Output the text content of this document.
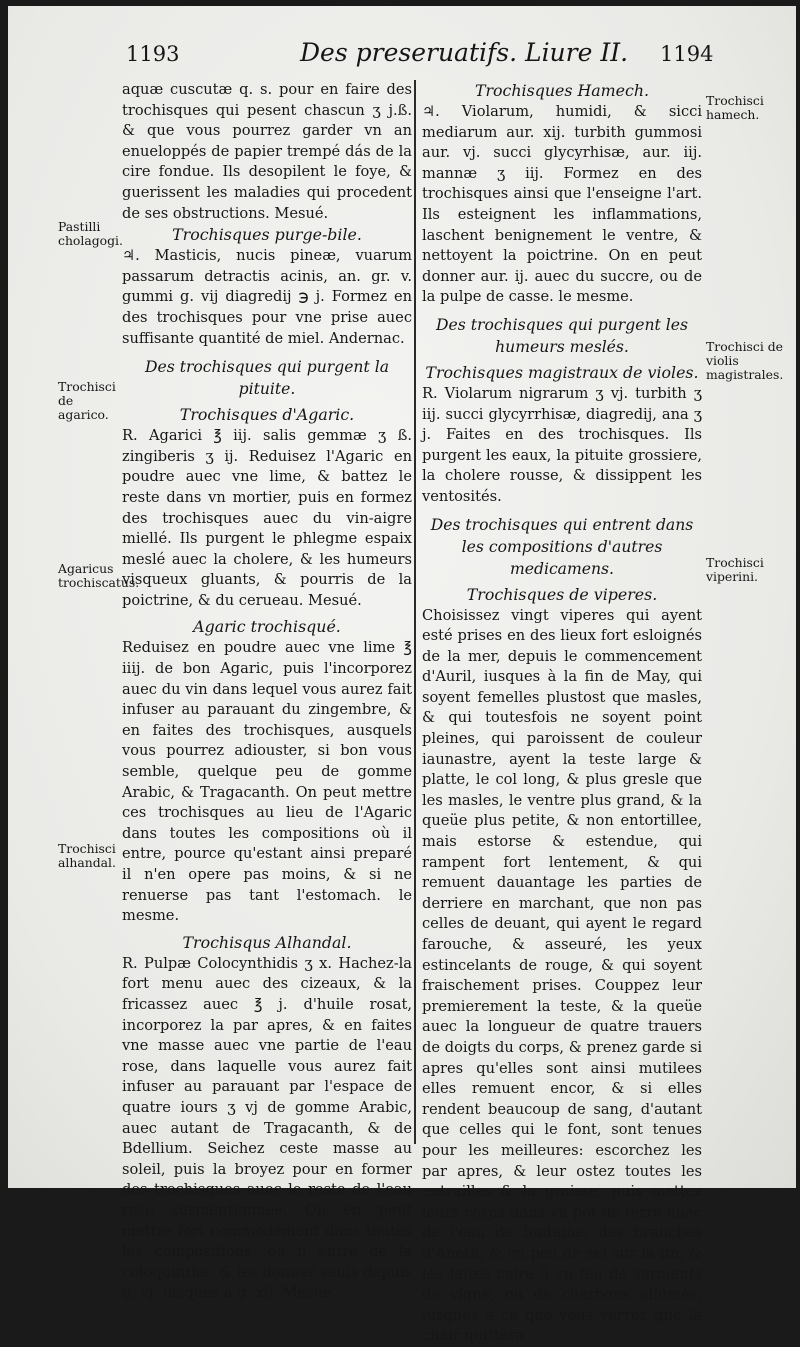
1193	Des preseruatifs. Liure II. 1194

aquæ cuscutæ q. s. pour en faire des trochisques qui pesent chascun ʒ j.ß. & que vous pourrez garder vn an enueloppés de papier trempé dás de la cire fondue. Ils desopilent le foye, & guerissent les maladies qui procedent de ses obstructions. Mesué.

Trochisques purge-bile.

♃. Masticis, nucis pineæ, vuarum passarum detractis acinis, an. gr. v. gummi g. vij diagredij ℈ j. Formez en des trochisques pour vne prise auec suffisante quantité de miel. Andernac.

Des trochisques qui purgent la pituite.

Trochisques d'Agaric.

R. Agarici ℥ iij. salis gemmæ ʒ ß. zingiberis ʒ ij. Reduisez l'Agaric en poudre auec vne lime, & battez le reste dans vn mortier, puis en formez des trochisques auec du vin-aigre miellé. Ils purgent le phlegme espaix meslé auec la cholere, & les humeurs visqueux gluants, & pourris de la poictrine, & du cerueau. Mesué.

Agaric trochisqué.

Reduisez en poudre auec vne lime ℥ iiij. de bon Agaric, puis l'incorporez auec du vin dans lequel vous aurez fait infuser au parauant du zingembre, & en faites des trochisques, ausquels vous pourrez adiouster, si bon vous semble, quelque peu de gomme Arabic, & Tragacanth. On peut mettre ces trochisques au lieu de l'Agaric dans toutes les compositions où il entre, pource qu'estant ainsi preparé il n'en opere pas moins, & si ne renuerse pas tant l'estomach. le mesme.

Trochisqus Alhandal.

R. Pulpæ Colocynthidis ʒ x. Hachez-la fort menu auec des cizeaux, & la fricassez auec ℥ j. d'huile rosat, incorporez la par apres, & en faites vne masse auec vne partie de l'eau rose, dans laquelle vous aurez fait infuser au parauant par l'espace de quatre iours ʒ vj de gomme Arabic, auec autant de Tragacanth, & de Bdellium. Seichez ceste masse au soleil, puis la broyez pour en former des trochisques auec le reste de l'eau rose susmentionnee. On en peut mettre fort commodement dans toutes les compositions, où il entre de la coloquinthe, & les donner seuls depuis g. vj. iusques à g. xij. Mesué.

Pastilli cholagogi.
Trochisci de agarico.
Agaricus trochiscatus.
Trochisci alhandal.

Trochisques Hamech.

♃. Violarum, humidi, & sicci mediarum aur. xij. turbith gummosi aur. vj. succi glycyrhisæ, aur. iij. mannæ ʒ iij. Formez en des trochisques ainsi que l'enseigne l'art. Ils esteignent les inflammations, laschent benignement le ventre, & nettoyent la poictrine. On en peut donner aur. ij. auec du succre, ou de la pulpe de casse. le mesme.

Des trochisques qui purgent les humeurs meslés.

Trochisques magistraux de violes.

R. Violarum nigrarum ʒ vj. turbith ʒ iij. succi glycyrrhisæ, diagredij, ana ʒ j. Faites en des trochisques. Ils purgent les eaux, la pituite grossiere, la cholere rousse, & dissippent les ventosités.

Des trochisques qui entrent dans les compositions d'autres medicamens.

Trochisques de viperes.

Choisissez vingt viperes qui ayent esté prises en des lieux fort esloignés de la mer, depuis le commencement d'Auril, iusques à la fin de May, qui soyent femelles plustost que masles, & qui toutesfois ne soyent point pleines, qui paroissent de couleur iaunastre, ayent la teste large & platte, le col long, & plus gresle que les masles, le ventre plus grand, & la queüe plus petite, & non entortillee, mais estorse & estendue, qui rampent fort lentement, & qui remuent dauantage les parties de derriere en marchant, que non pas celles de deuant, qui ayent le regard farouche, & asseuré, les yeux estincelants de rouge, & qui soyent fraischement prises. Couppez leur premierement la teste, & la queüe auec la longueur de quatre trauers de doigts du corps, & prenez garde si apres qu'elles sont ainsi mutilees elles remuent encor, & si elles rendent beaucoup de sang, d'autant que celles qui le font, sont tenues pour les meilleures: escorchez les par apres, & leur ostez toutes les entrailles & la graisse, puis mettez leurs corps dans vn pot de terre auec de l'eau de fontaine, des branches d'Aneth, & vn peu de sel sur la fin, & les faites cuire à vn feu de sarments de vigne, ou de charbons allumés, iusques à ce que vous verrez que la chair quittera

Trochisci hamech.
Trochisci de violis magistrales.
Trochisci viperini.
